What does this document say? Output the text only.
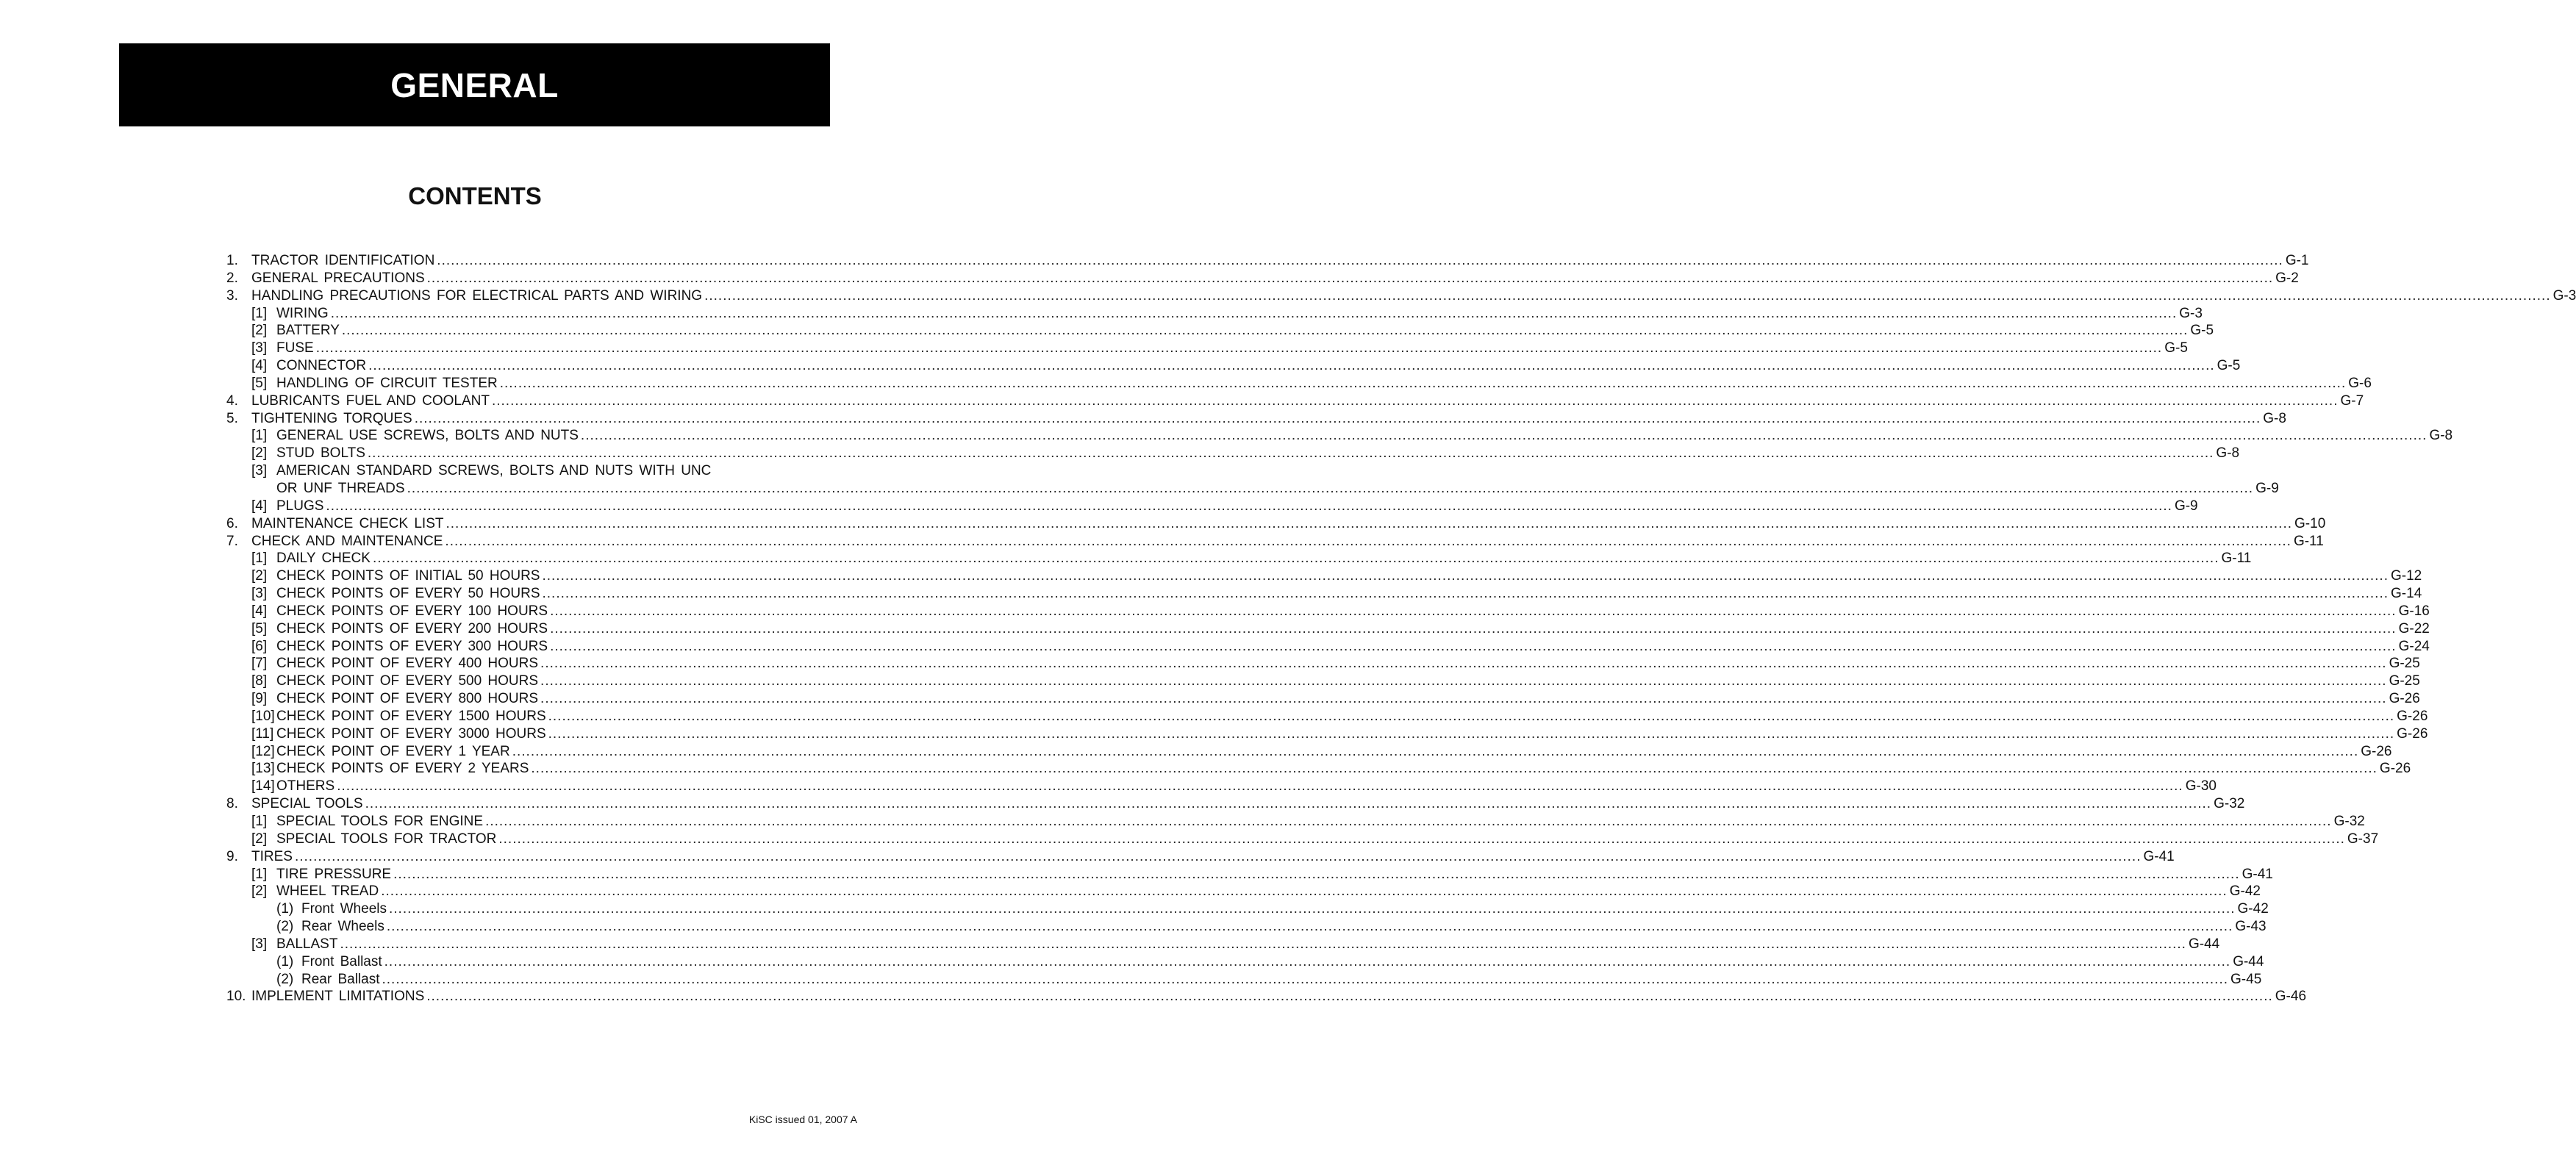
GENERAL
CONTENTS
1. TRACTOR IDENTIFICATION ................................................................................................................................................................................................................................................................................................................................................................................................................ G-1
2. GENERAL PRECAUTIONS ................................................................................................................................................................................................................................................................................................................................................................................................................ G-2
3. HANDLING PRECAUTIONS FOR ELECTRICAL PARTS AND WIRING ................................................................................................................................................................................................................................................................................................................................................................................................................ G-3
[1] WIRING ................................................................................................................................................................................................................................................................................................................................................................................................................ G-3
[2] BATTERY ................................................................................................................................................................................................................................................................................................................................................................................................................ G-5
[3] FUSE ................................................................................................................................................................................................................................................................................................................................................................................................................ G-5
[4] CONNECTOR ................................................................................................................................................................................................................................................................................................................................................................................................................ G-5
[5] HANDLING OF CIRCUIT TESTER ................................................................................................................................................................................................................................................................................................................................................................................................................ G-6
4. LUBRICANTS FUEL AND COOLANT ................................................................................................................................................................................................................................................................................................................................................................................................................ G-7
5. TIGHTENING TORQUES ................................................................................................................................................................................................................................................................................................................................................................................................................ G-8
[1] GENERAL USE SCREWS, BOLTS AND NUTS ................................................................................................................................................................................................................................................................................................................................................................................................................ G-8
[2] STUD BOLTS ................................................................................................................................................................................................................................................................................................................................................................................................................ G-8
[3] AMERICAN STANDARD SCREWS, BOLTS AND NUTS WITH UNC
OR UNF THREADS ................................................................................................................................................................................................................................................................................................................................................................................................................ G-9
[4] PLUGS ................................................................................................................................................................................................................................................................................................................................................................................................................ G-9
6. MAINTENANCE CHECK LIST ................................................................................................................................................................................................................................................................................................................................................................................................................ G-10
7. CHECK AND MAINTENANCE ................................................................................................................................................................................................................................................................................................................................................................................................................ G-11
[1] DAILY CHECK ................................................................................................................................................................................................................................................................................................................................................................................................................ G-11
[2] CHECK POINTS OF INITIAL 50 HOURS ................................................................................................................................................................................................................................................................................................................................................................................................................ G-12
[3] CHECK POINTS OF EVERY 50 HOURS ................................................................................................................................................................................................................................................................................................................................................................................................................ G-14
[4] CHECK POINTS OF EVERY 100 HOURS ................................................................................................................................................................................................................................................................................................................................................................................................................ G-16
[5] CHECK POINTS OF EVERY 200 HOURS ................................................................................................................................................................................................................................................................................................................................................................................................................ G-22
[6] CHECK POINTS OF EVERY 300 HOURS ................................................................................................................................................................................................................................................................................................................................................................................................................ G-24
[7] CHECK POINT OF EVERY 400 HOURS ................................................................................................................................................................................................................................................................................................................................................................................................................ G-25
[8] CHECK POINT OF EVERY 500 HOURS ................................................................................................................................................................................................................................................................................................................................................................................................................ G-25
[9] CHECK POINT OF EVERY 800 HOURS ................................................................................................................................................................................................................................................................................................................................................................................................................ G-26
[10] CHECK POINT OF EVERY 1500 HOURS ................................................................................................................................................................................................................................................................................................................................................................................................................ G-26
[11] CHECK POINT OF EVERY 3000 HOURS ................................................................................................................................................................................................................................................................................................................................................................................................................ G-26
[12] CHECK POINT OF EVERY 1 YEAR ................................................................................................................................................................................................................................................................................................................................................................................................................ G-26
[13] CHECK POINTS OF EVERY 2 YEARS ................................................................................................................................................................................................................................................................................................................................................................................................................ G-26
[14] OTHERS ................................................................................................................................................................................................................................................................................................................................................................................................................ G-30
8. SPECIAL TOOLS ................................................................................................................................................................................................................................................................................................................................................................................................................ G-32
[1] SPECIAL TOOLS FOR ENGINE ................................................................................................................................................................................................................................................................................................................................................................................................................ G-32
[2] SPECIAL TOOLS FOR TRACTOR ................................................................................................................................................................................................................................................................................................................................................................................................................ G-37
9. TIRES ................................................................................................................................................................................................................................................................................................................................................................................................................ G-41
[1] TIRE PRESSURE ................................................................................................................................................................................................................................................................................................................................................................................................................ G-41
[2] WHEEL TREAD ................................................................................................................................................................................................................................................................................................................................................................................................................ G-42
(1) Front Wheels ................................................................................................................................................................................................................................................................................................................................................................................................................ G-42
(2) Rear Wheels ................................................................................................................................................................................................................................................................................................................................................................................................................ G-43
[3] BALLAST ................................................................................................................................................................................................................................................................................................................................................................................................................ G-44
(1) Front Ballast ................................................................................................................................................................................................................................................................................................................................................................................................................ G-44
(2) Rear Ballast ................................................................................................................................................................................................................................................................................................................................................................................................................ G-45
10. IMPLEMENT LIMITATIONS ................................................................................................................................................................................................................................................................................................................................................................................................................ G-46
KiSC issued 01, 2007 A
